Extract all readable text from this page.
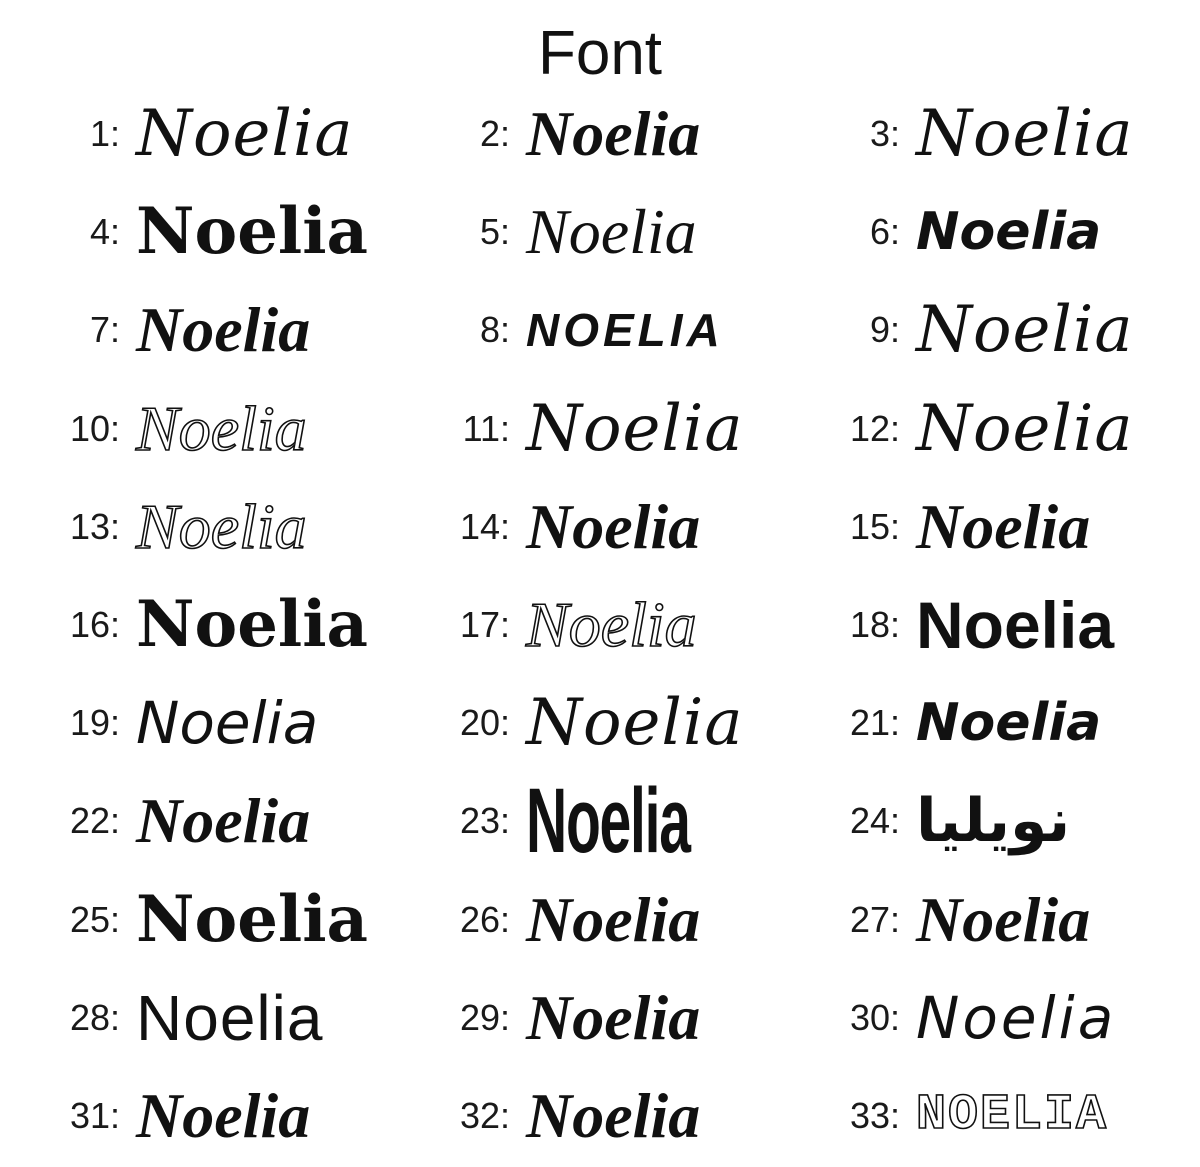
Font
1: Noelia	2: Noelia	3: Noelia
4: Noelia	5: Noelia	6: Noelia
7: Noelia	8: NOELIA	9: Noelia
10: Noelia	11: Noelia	12: Noelia
13: Noelia	14: Noelia	15: Noelia
16: Noelia	17: Noelia	18: Noelia
19: Noelia	20: Noelia	21: Noelia
22: Noelia	23: Noelia	24: نويليا
25: Noelia	26: Noelia	27: Noelia
28: Noelia	29: Noelia	30: Noelia
31: Noelia	32: Noelia	33: NOELIA
